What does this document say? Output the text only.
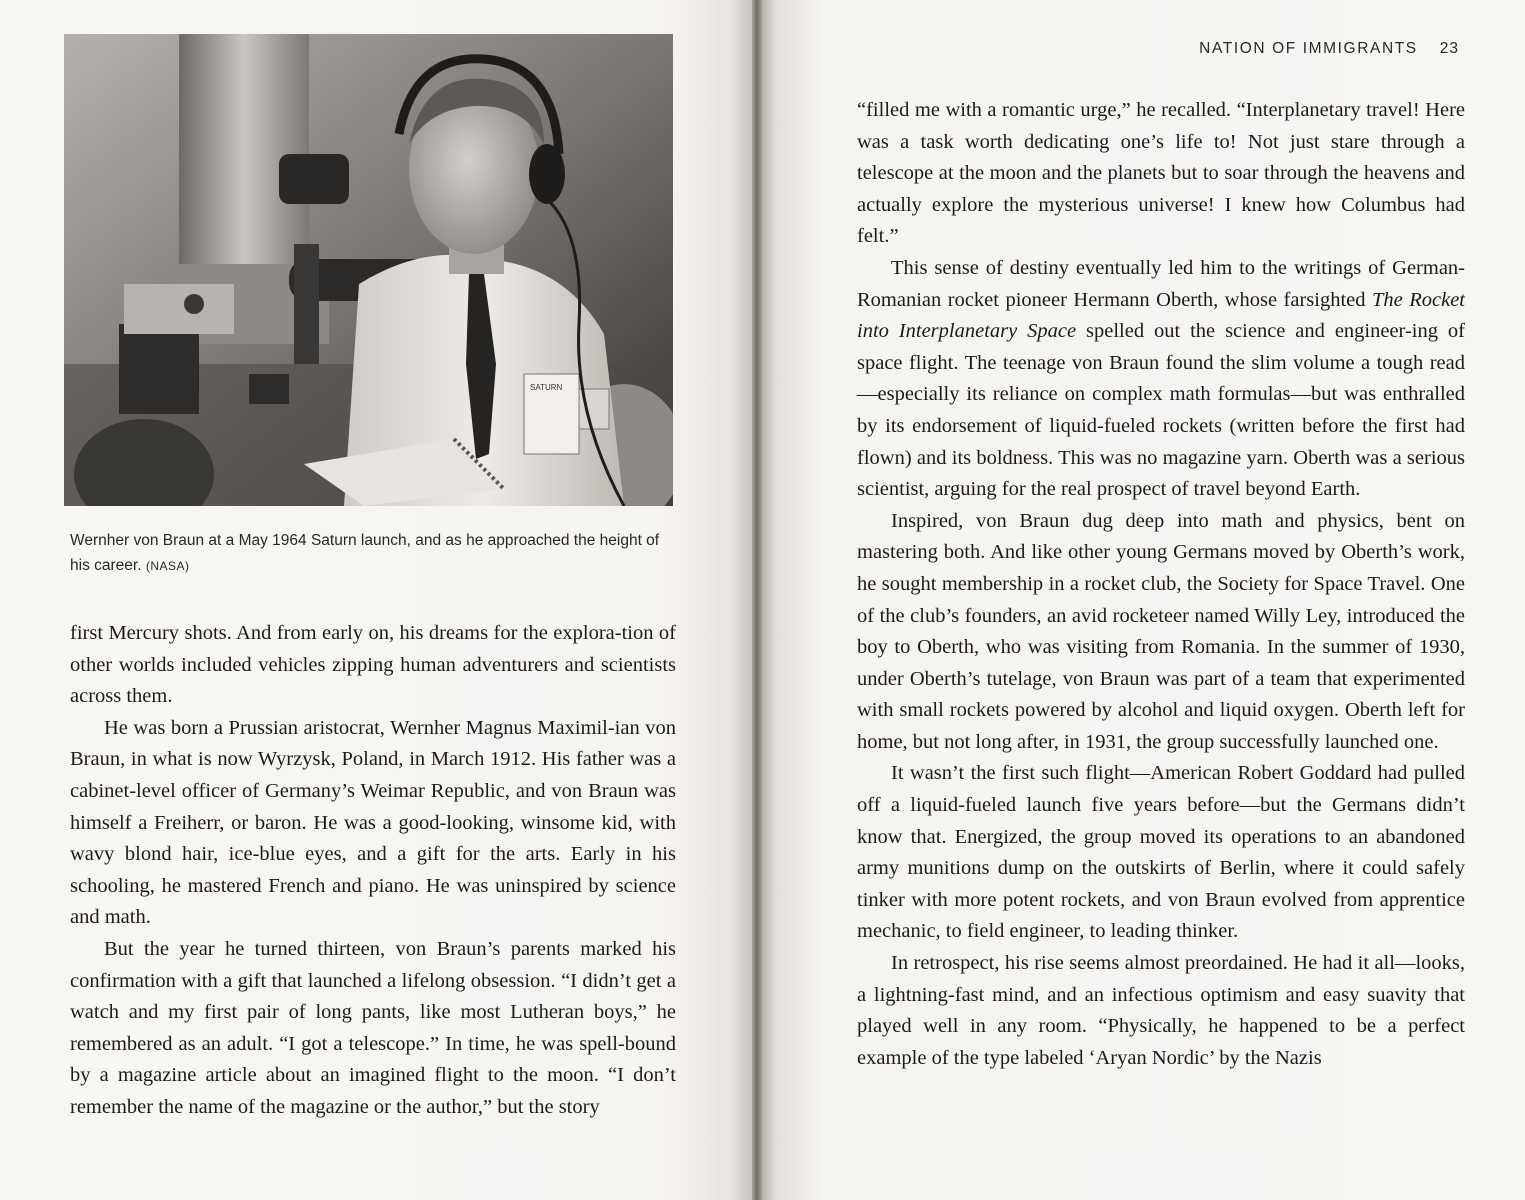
SATURN
Wernher von Braun at a May 1964 Saturn launch, and as he approached the height of his career. (NASA)

first Mercury shots. And from early on, his dreams for the explora-tion of other worlds included vehicles zipping human adventurers and scientists across them.

He was born a Prussian aristocrat, Wernher Magnus Maximil-ian von Braun, in what is now Wyrzysk, Poland, in March 1912. His father was a cabinet-level officer of Germany’s Weimar Republic, and von Braun was himself a Freiherr, or baron. He was a good-looking, winsome kid, with wavy blond hair, ice-blue eyes, and a gift for the arts. Early in his schooling, he mastered French and piano. He was uninspired by science and math.

But the year he turned thirteen, von Braun’s parents marked his confirmation with a gift that launched a lifelong obsession. “I didn’t get a watch and my first pair of long pants, like most Lutheran boys,” he remembered as an adult. “I got a telescope.” In time, he was spell-bound by a magazine article about an imagined flight to the moon. “I don’t remember the name of the magazine or the author,” but the story

NATION OF IMMIGRANTS 23

“filled me with a romantic urge,” he recalled. “Interplanetary travel! Here was a task worth dedicating one’s life to! Not just stare through a telescope at the moon and the planets but to soar through the heavens and actually explore the mysterious universe! I knew how Columbus had felt.”

This sense of destiny eventually led him to the writings of German-Romanian rocket pioneer Hermann Oberth, whose farsighted The Rocket into Interplanetary Space spelled out the science and engineer-ing of space flight. The teenage von Braun found the slim volume a tough read—especially its reliance on complex math formulas—but was enthralled by its endorsement of liquid-fueled rockets (written before the first had flown) and its boldness. This was no magazine yarn. Oberth was a serious scientist, arguing for the real prospect of travel beyond Earth.

Inspired, von Braun dug deep into math and physics, bent on mastering both. And like other young Germans moved by Oberth’s work, he sought membership in a rocket club, the Society for Space Travel. One of the club’s founders, an avid rocketeer named Willy Ley, introduced the boy to Oberth, who was visiting from Romania. In the summer of 1930, under Oberth’s tutelage, von Braun was part of a team that experimented with small rockets powered by alcohol and liquid oxygen. Oberth left for home, but not long after, in 1931, the group successfully launched one.

It wasn’t the first such flight—American Robert Goddard had pulled off a liquid-fueled launch five years before—but the Germans didn’t know that. Energized, the group moved its operations to an abandoned army munitions dump on the outskirts of Berlin, where it could safely tinker with more potent rockets, and von Braun evolved from apprentice mechanic, to field engineer, to leading thinker.

In retrospect, his rise seems almost preordained. He had it all—looks, a lightning-fast mind, and an infectious optimism and easy suavity that played well in any room. “Physically, he happened to be a perfect example of the type labeled ‘Aryan Nordic’ by the Nazis
